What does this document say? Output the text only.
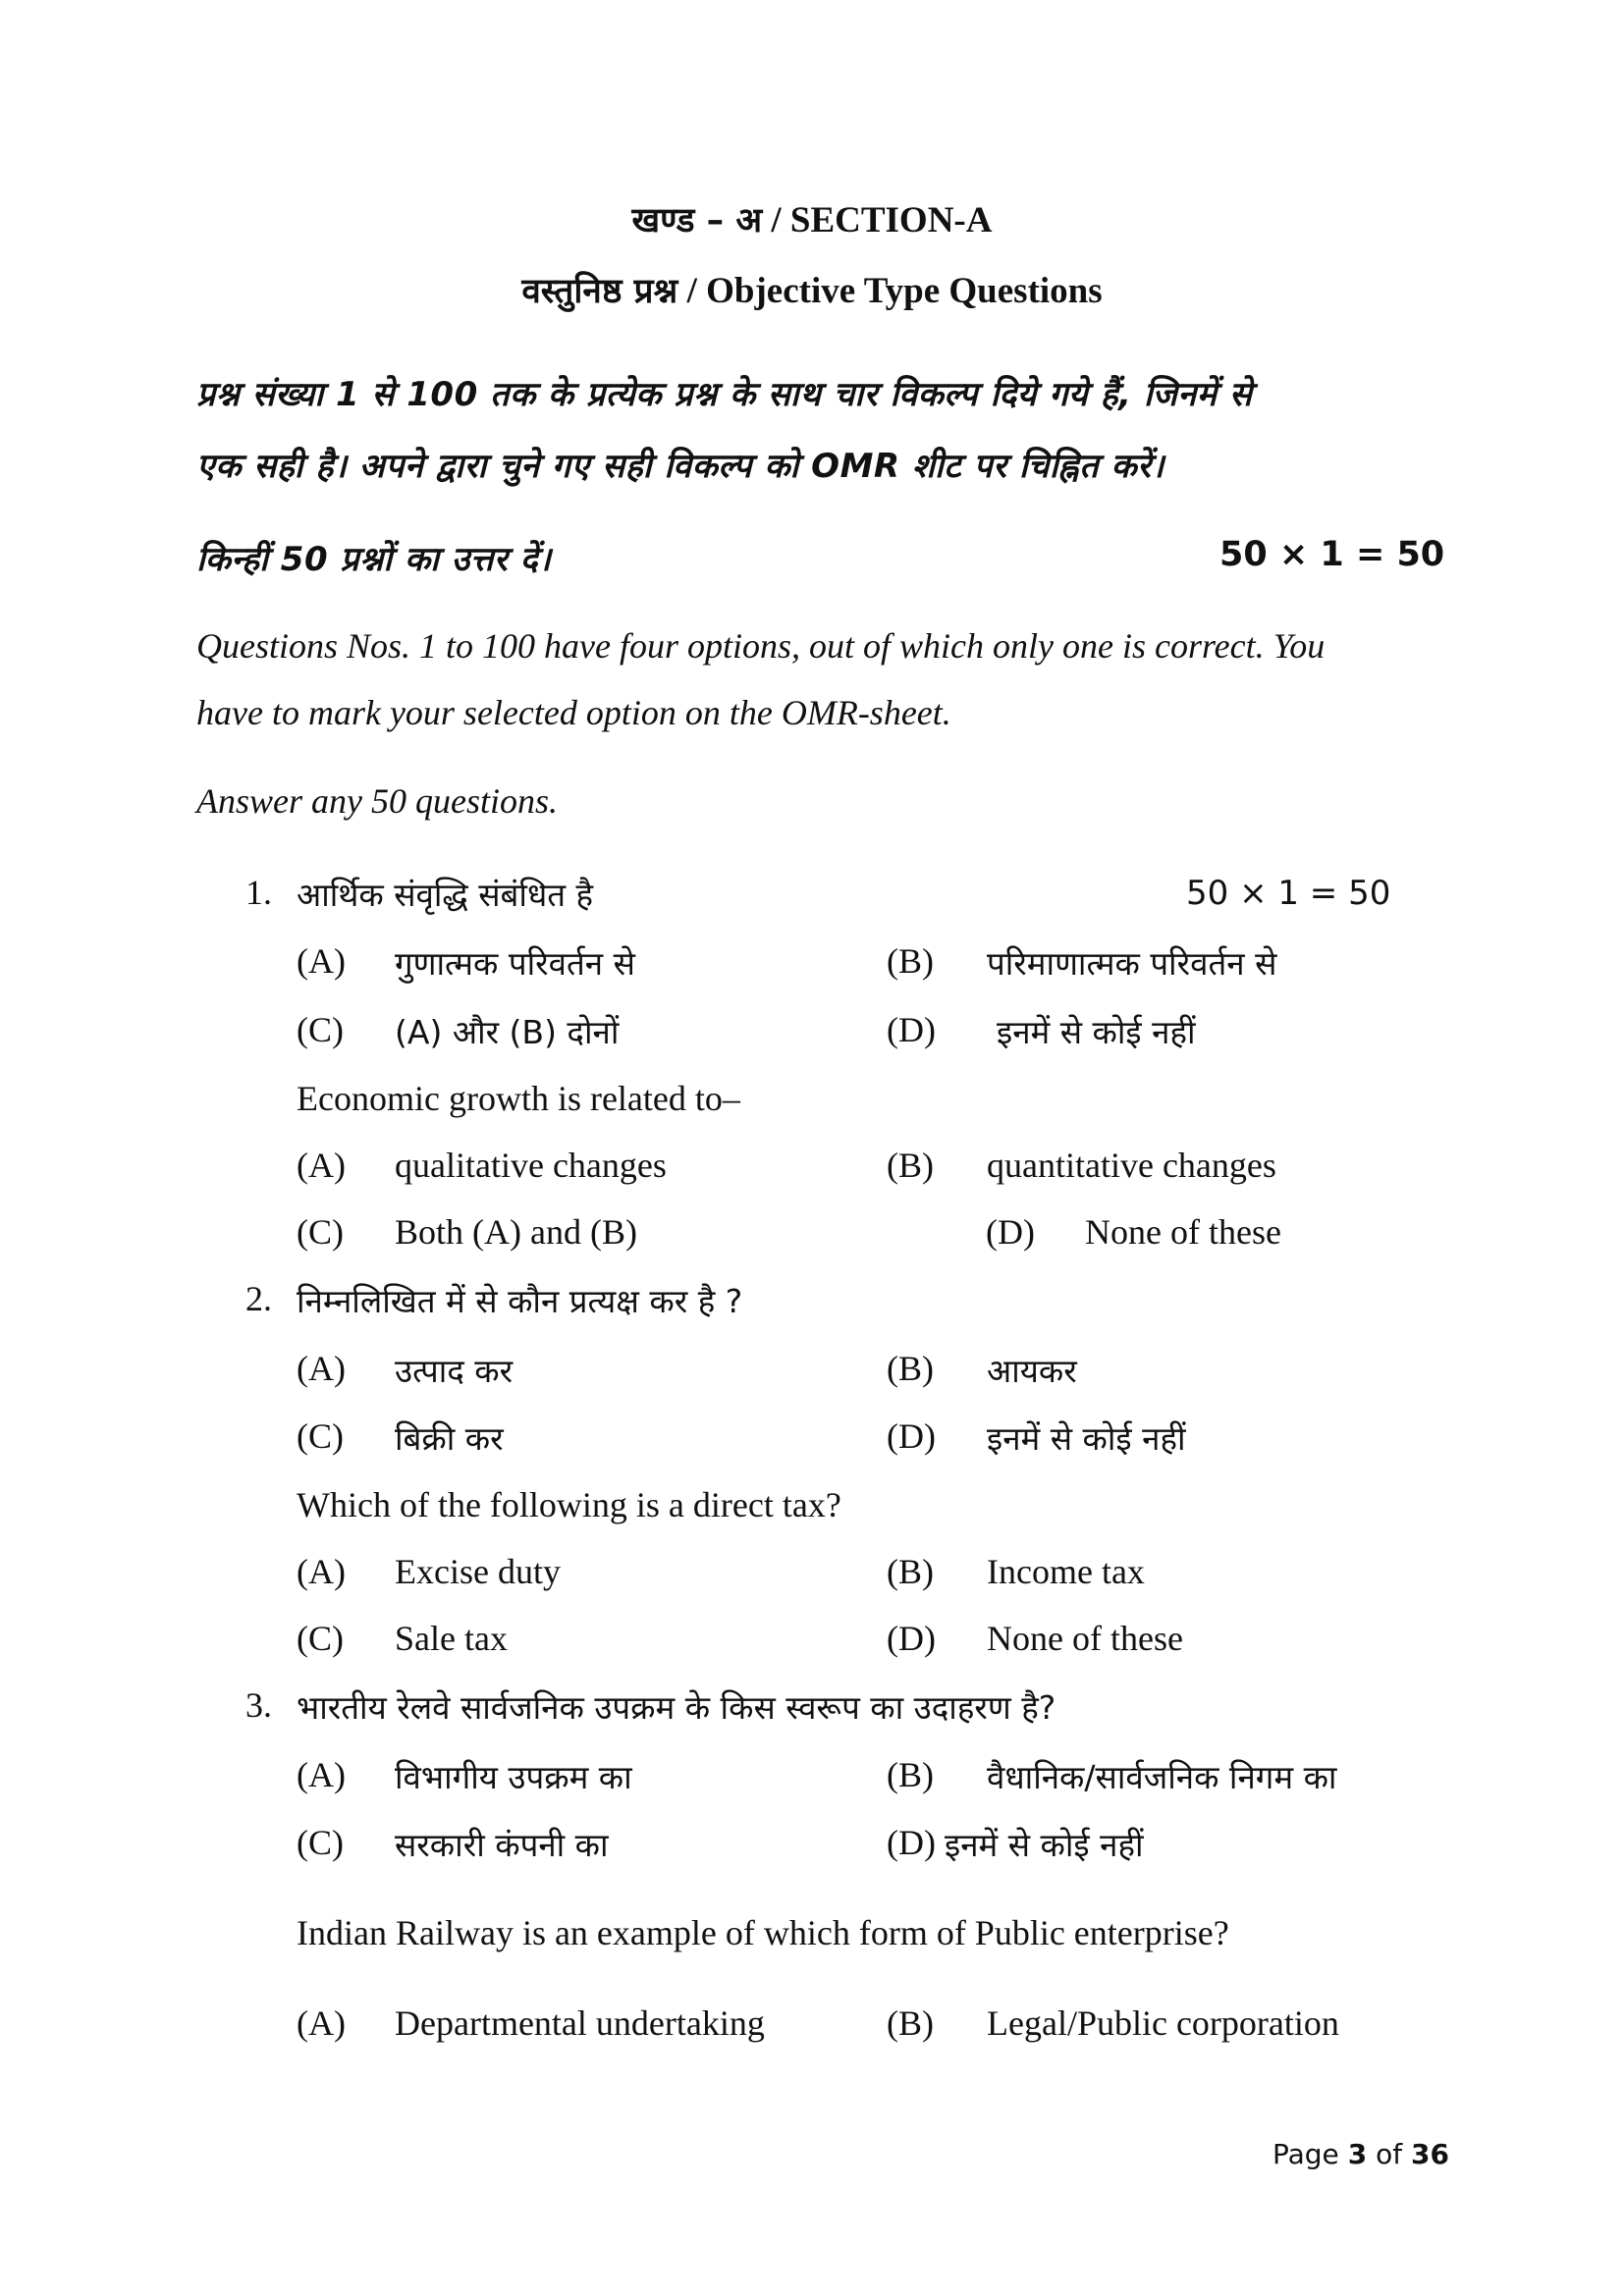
खण्ड – अ / SECTION-A
वस्तुनिष्ठ प्रश्न / Objective Type Questions
प्रश्न संख्या 1 से 100 तक के प्रत्येक प्रश्न के साथ चार विकल्प दिये गये हैं, जिनमें से
एक सही है। अपने द्वारा चुने गए सही विकल्प को OMR शीट पर चिह्नित करें।
किन्हीं 50 प्रश्नों का उत्तर दें।	50 × 1 = 50
Questions Nos. 1 to 100 have four options, out of which only one is correct. You
have to mark your selected option on the OMR-sheet.
Answer any 50 questions.
1. आर्थिक संवृद्धि संबंधित है	50 × 1 = 50
(A) गुणात्मक परिवर्तन से	(B) परिमाणात्मक परिवर्तन से
(C) (A) और (B) दोनों	(D) इनमें से कोई नहीं
Economic growth is related to–
(A) qualitative changes	(B) quantitative changes
(C) Both (A) and (B)	(D) None of these
2. निम्नलिखित में से कौन प्रत्यक्ष कर है ?
(A) उत्पाद कर	(B) आयकर
(C) बिक्री कर	(D) इनमें से कोई नहीं
Which of the following is a direct tax?
(A) Excise duty	(B) Income tax
(C) Sale tax	(D) None of these
3. भारतीय रेलवे सार्वजनिक उपक्रम के किस स्वरूप का उदाहरण है?
(A) विभागीय उपक्रम का	(B) वैधानिक/सार्वजनिक निगम का
(C) सरकारी कंपनी का	(D) इनमें से कोई नहीं
Indian Railway is an example of which form of Public enterprise?
(A) Departmental undertaking	(B) Legal/Public corporation
Page 3 of 36
